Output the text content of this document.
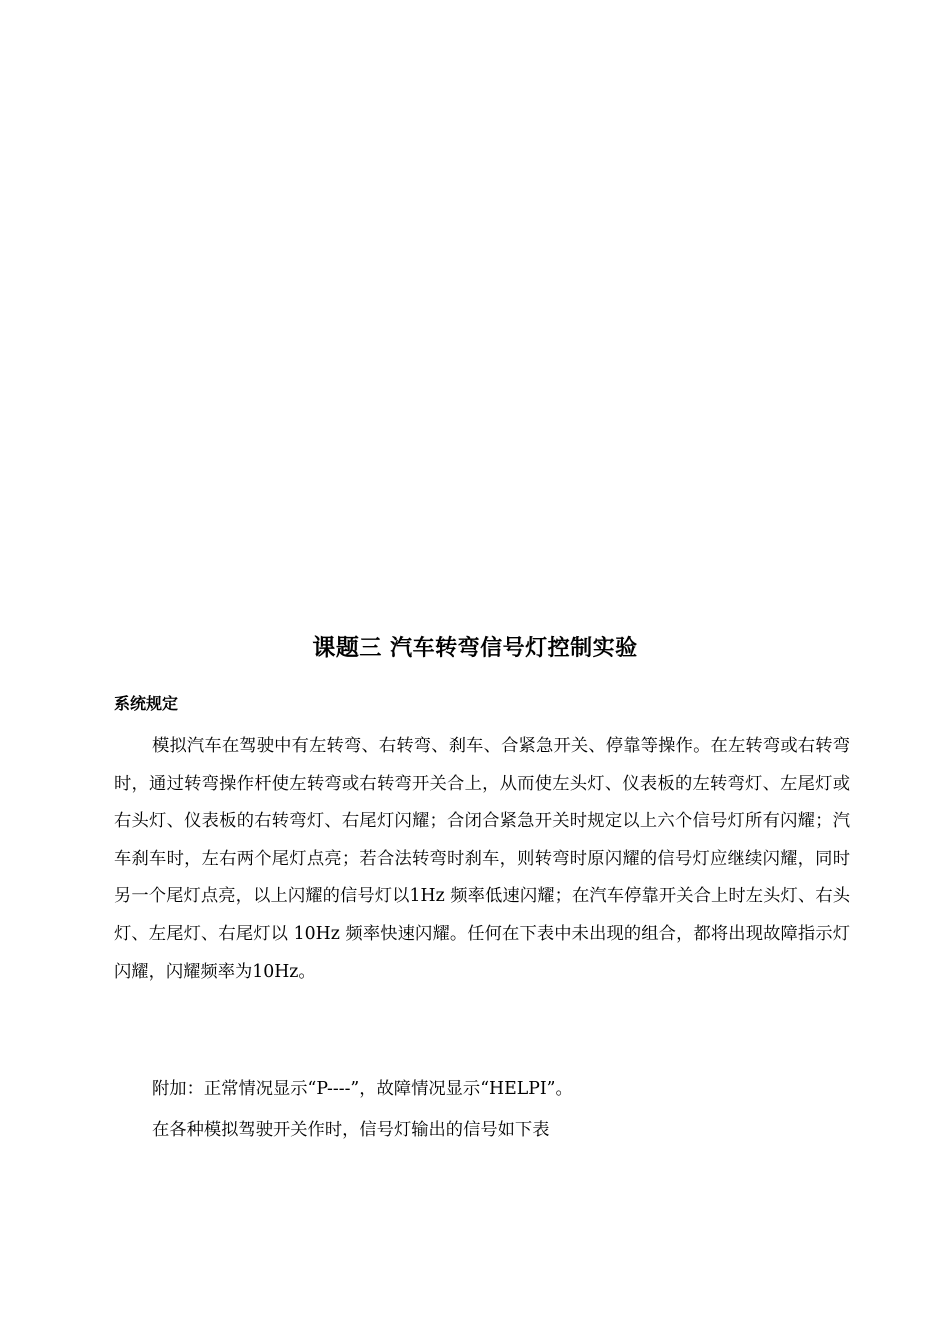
课题三 汽车转弯信号灯控制实验
系统规定

模拟汽车在驾驶中有左转弯、右转弯、刹车、合紧急开关、停靠等操作。在左转弯或右转弯时，通过转弯操作杆使左转弯或右转弯开关合上，从而使左头灯、仪表板的左转弯灯、左尾灯或右头灯、仪表板的右转弯灯、右尾灯闪耀；合闭合紧急开关时规定以上六个信号灯所有闪耀；汽车刹车时，左右两个尾灯点亮；若合法转弯时刹车，则转弯时原闪耀的信号灯应继续闪耀，同时另一个尾灯点亮，以上闪耀的信号灯以1Hz 频率低速闪耀；在汽车停靠开关合上时左头灯、右头灯、左尾灯、右尾灯以 10Hz 频率快速闪耀。任何在下表中未出现的组合，都将出现故障指示灯闪耀，闪耀频率为10Hz。

附加：正常情况显示“P----”，故障情况显示“HELPI”。

在各种模拟驾驶开关作时，信号灯输出的信号如下表
